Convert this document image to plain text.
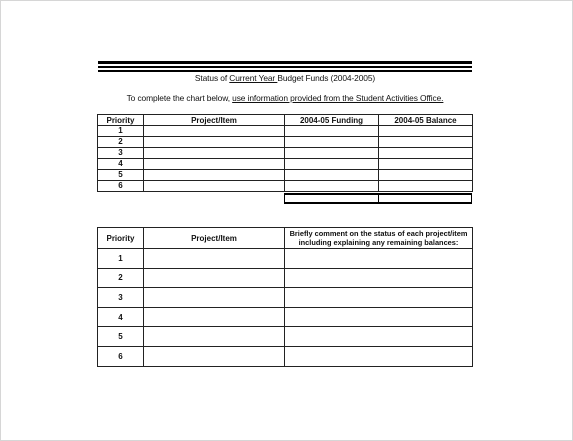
Status of Current Year Budget Funds (2004-2005)
To complete the chart below, use information provided from the Student Activities Office.
Priority	Project/Item	2004-05 Funding	2004-05 Balance
1			
2			
3			
4			
5			
6			
Priority	Project/Item	Briefly comment on the status of each project/item including explaining any remaining balances:
1		
2		
3		
4		
5		
6		
